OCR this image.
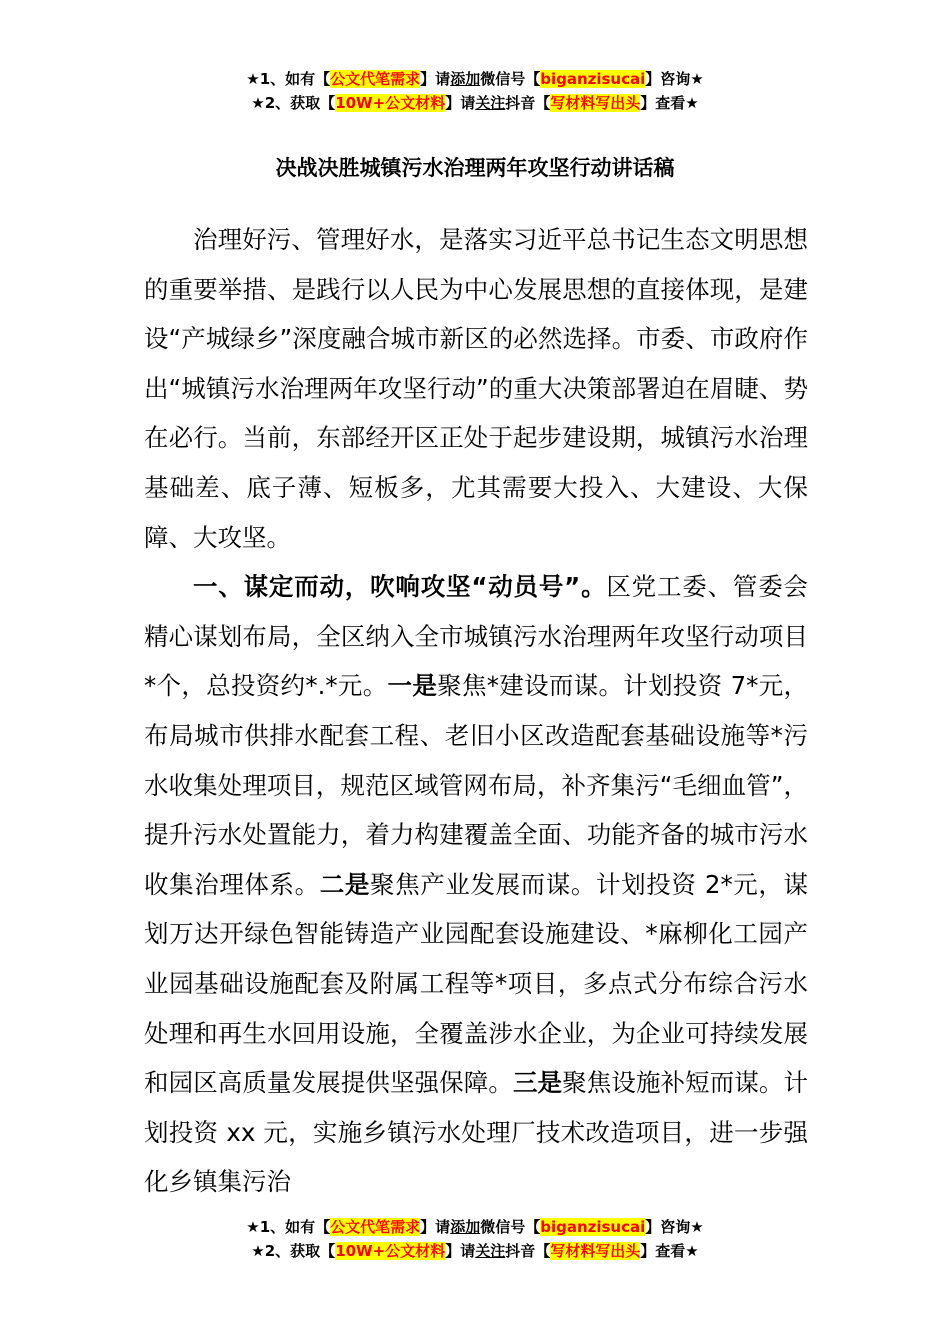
★1、如有【公文代笔需求】请添加微信号【biganzisucai】咨询★
★2、获取【10W+公文材料】请关注抖音【写材料写出头】查看★
决战决胜城镇污水治理两年攻坚行动讲话稿

治理好污、管理好水，是落实习近平总书记生态文明思想的重要举措、是践行以人民为中心发展思想的直接体现，是建设“产城绿乡”深度融合城市新区的必然选择。市委、市政府作出“城镇污水治理两年攻坚行动”的重大决策部署迫在眉睫、势在必行。当前，东部经开区正处于起步建设期，城镇污水治理基础差、底子薄、短板多，尤其需要大投入、大建设、大保障、大攻坚。

一、谋定而动，吹响攻坚“动员号”。区党工委、管委会精心谋划布局，全区纳入全市城镇污水治理两年攻坚行动项目*个，总投资约*.*元。一是聚焦*建设而谋。计划投资 7*元，布局城市供排水配套工程、老旧小区改造配套基础设施等*污水收集处理项目，规范区域管网布局，补齐集污“毛细血管”，提升污水处置能力，着力构建覆盖全面、功能齐备的城市污水收集治理体系。二是聚焦产业发展而谋。计划投资 2*元，谋划万达开绿色智能铸造产业园配套设施建设、*麻柳化工园产业园基础设施配套及附属工程等*项目，多点式分布综合污水处理和再生水回用设施，全覆盖涉水企业，为企业可持续发展和园区高质量发展提供坚强保障。三是聚焦设施补短而谋。计划投资 xx 元，实施乡镇污水处理厂技术改造项目，进一步强化乡镇集污治

★1、如有【公文代笔需求】请添加微信号【biganzisucai】咨询★
★2、获取【10W+公文材料】请关注抖音【写材料写出头】查看★
